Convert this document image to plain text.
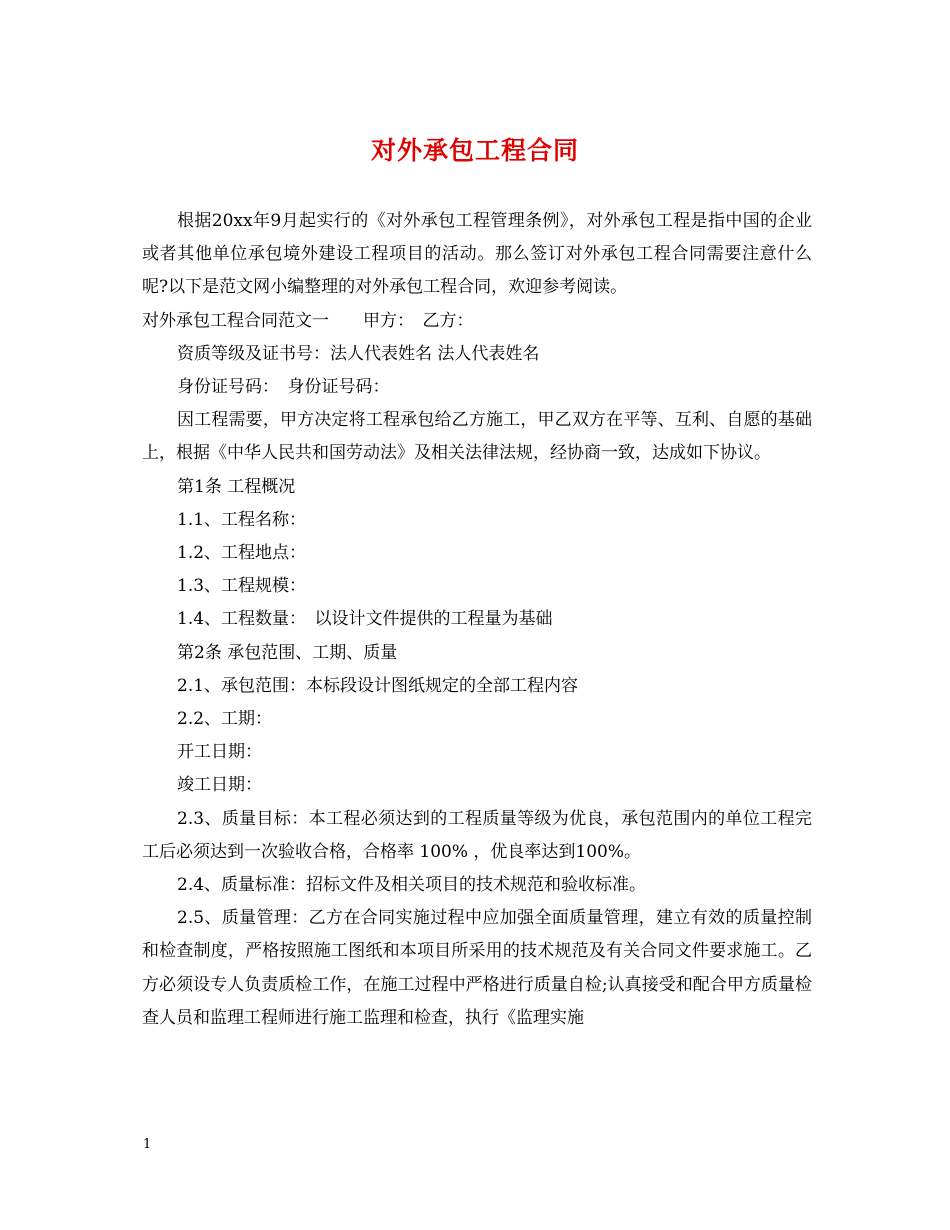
对外承包工程合同

根据20xx年9月起实行的《对外承包工程管理条例》，对外承包工程是指中国的企业或者其他单位承包境外建设工程项目的活动。那么签订对外承包工程合同需要注意什么呢?以下是范文网小编整理的对外承包工程合同，欢迎参考阅读。

对外承包工程合同范文一　　甲方：　乙方：

资质等级及证书号：法人代表姓名 法人代表姓名

身份证号码：　身份证号码：

因工程需要，甲方决定将工程承包给乙方施工，甲乙双方在平等、互利、自愿的基础上，根据《中华人民共和国劳动法》及相关法律法规，经协商一致，达成如下协议。

第1条 工程概况

1.1、工程名称：

1.2、工程地点：

1.3、工程规模：

1.4、工程数量：　以设计文件提供的工程量为基础

第2条 承包范围、工期、质量

2.1、承包范围：本标段设计图纸规定的全部工程内容

2.2、工期：

开工日期：

竣工日期：

2.3、质量目标：本工程必须达到的工程质量等级为优良，承包范围内的单位工程完工后必须达到一次验收合格，合格率 100% ，优良率达到100%。

2.4、质量标准：招标文件及相关项目的技术规范和验收标准。

2.5、质量管理：乙方在合同实施过程中应加强全面质量管理，建立有效的质量控制和检查制度，严格按照施工图纸和本项目所采用的技术规范及有关合同文件要求施工。乙方必须设专人负责质检工作，在施工过程中严格进行质量自检;认真接受和配合甲方质量检查人员和监理工程师进行施工监理和检查，执行《监理实施

1
